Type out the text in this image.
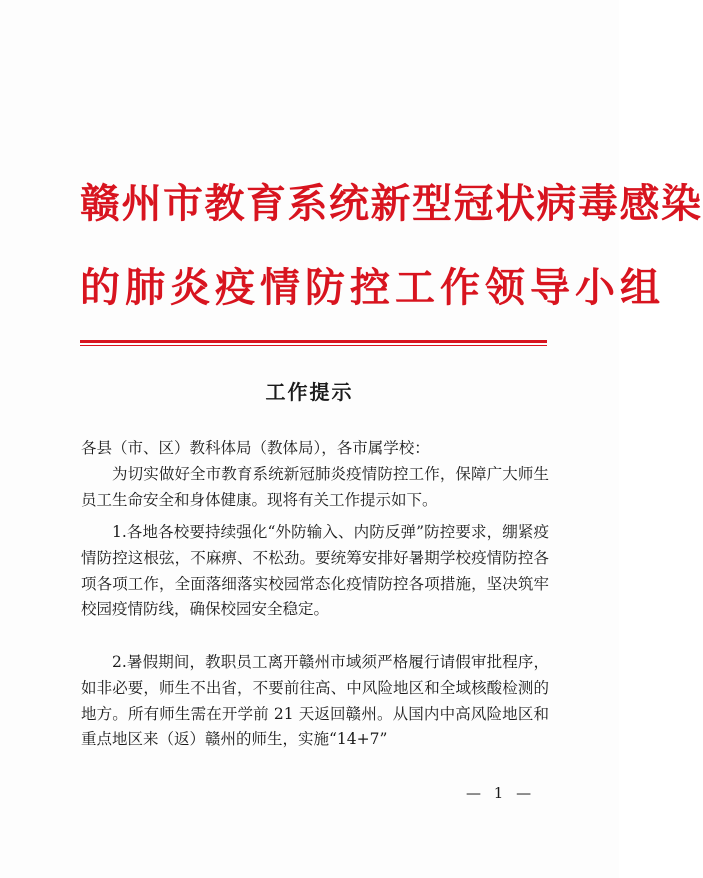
赣州市教育系统新型冠状病毒感染
的肺炎疫情防控工作领导小组
工作提示

各县（市、区）教科体局（教体局），各市属学校：

为切实做好全市教育系统新冠肺炎疫情防控工作，保障广大师生员工生命安全和身体健康。现将有关工作提示如下。

1.各地各校要持续强化“外防输入、内防反弹”防控要求，绷紧疫情防控这根弦，不麻痹、不松劲。要统筹安排好暑期学校疫情防控各项各项工作，全面落细落实校园常态化疫情防控各项措施，坚决筑牢校园疫情防线，确保校园安全稳定。

2.暑假期间，教职员工离开赣州市域须严格履行请假审批程序，如非必要，师生不出省，不要前往高、中风险地区和全域核酸检测的地方。所有师生需在开学前 21 天返回赣州。从国内中高风险地区和重点地区来（返）赣州的师生，实施“14+7”

— 1 —
